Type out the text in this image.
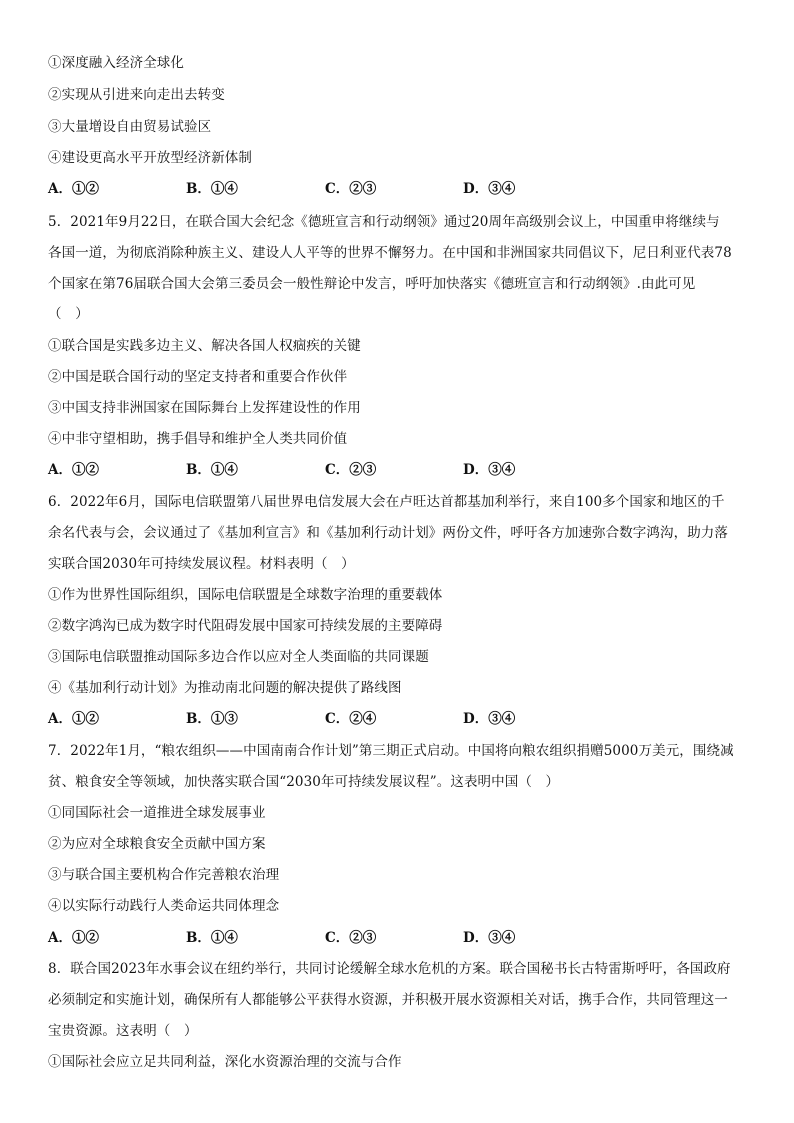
①深度融入经济全球化
②实现从引进来向走出去转变
③大量增设自由贸易试验区
④建设更高水平开放型经济新体制
A．①②	B．①④	C．②③	D．③④
5．2021年9月22日，在联合国大会纪念《德班宣言和行动纲领》通过20周年高级别会议上，中国重申将继续与
各国一道，为彻底消除种族主义、建设人人平等的世界不懈努力。在中国和非洲国家共同倡议下，尼日利亚代表78
个国家在第76届联合国大会第三委员会一般性辩论中发言，呼吁加快落实《德班宣言和行动纲领》.由此可见
（　）
①联合国是实践多边主义、解决各国人权痼疾的关键
②中国是联合国行动的坚定支持者和重要合作伙伴
③中国支持非洲国家在国际舞台上发挥建设性的作用
④中非守望相助，携手倡导和维护全人类共同价值
A．①②	B．①④	C．②③	D．③④
6．2022年6月，国际电信联盟第八届世界电信发展大会在卢旺达首都基加利举行，来自100多个国家和地区的千
余名代表与会，会议通过了《基加利宣言》和《基加利行动计划》两份文件，呼吁各方加速弥合数字鸿沟，助力落
实联合国2030年可持续发展议程。材料表明（　）
①作为世界性国际组织，国际电信联盟是全球数字治理的重要载体
②数字鸿沟已成为数字时代阻碍发展中国家可持续发展的主要障碍
③国际电信联盟推动国际多边合作以应对全人类面临的共同课题
④《基加利行动计划》为推动南北问题的解决提供了路线图
A．①②	B．①③	C．②④	D．③④
7．2022年1月，“粮农组织——中国南南合作计划”第三期正式启动。中国将向粮农组织捐赠5000万美元，围绕减
贫、粮食安全等领域，加快落实联合国“2030年可持续发展议程”。这表明中国（　）
①同国际社会一道推进全球发展事业
②为应对全球粮食安全贡献中国方案
③与联合国主要机构合作完善粮农治理
④以实际行动践行人类命运共同体理念
A．①②	B．①④	C．②③	D．③④
8．联合国2023年水事会议在纽约举行，共同讨论缓解全球水危机的方案。联合国秘书长古特雷斯呼吁，各国政府
必须制定和实施计划，确保所有人都能够公平获得水资源，并积极开展水资源相关对话，携手合作，共同管理这一
宝贵资源。这表明（　）
①国际社会应立足共同利益，深化水资源治理的交流与合作
